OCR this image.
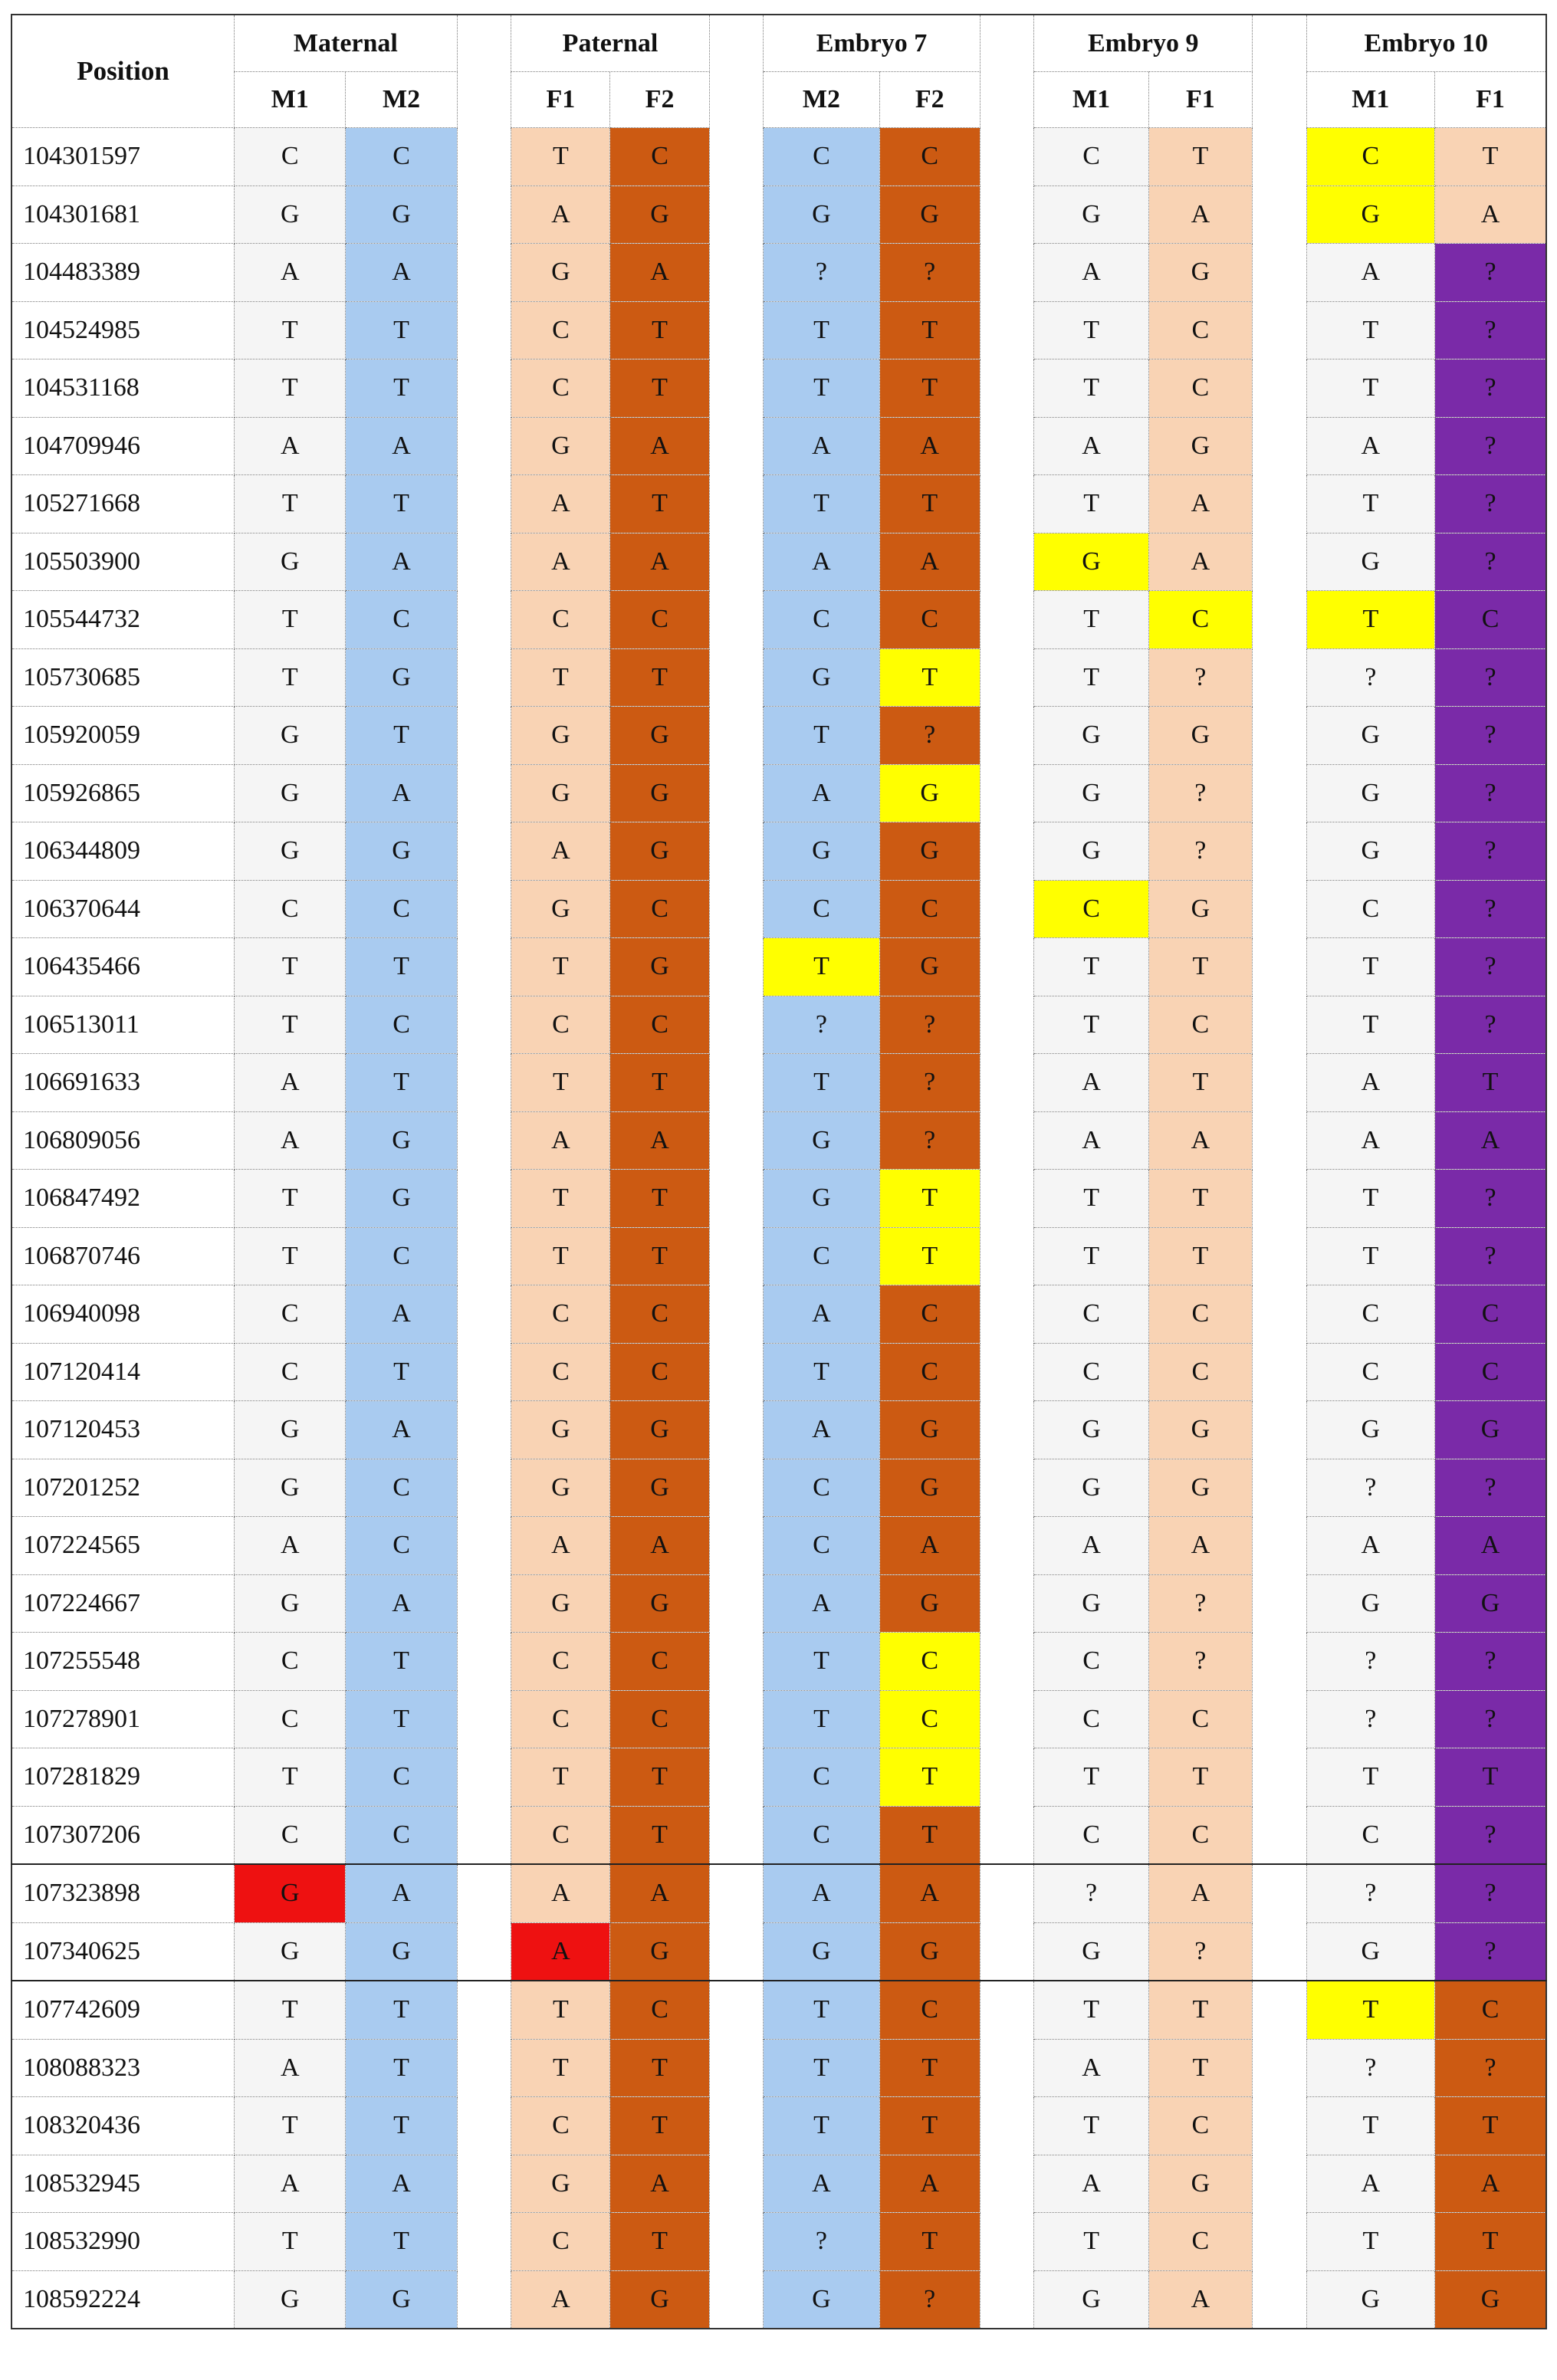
Position	Maternal			Paternal			Embryo 7			Embryo 9			Embryo 10	
	M1	M2		F1	F2		M2	F2		M1	F1		M1	F1
104301597	C	C		T	C		C	C		C	T		C	T
104301681	G	G		A	G		G	G		G	A		G	A
104483389	A	A		G	A		?	?		A	G		A	?
104524985	T	T		C	T		T	T		T	C		T	?
104531168	T	T		C	T		T	T		T	C		T	?
104709946	A	A		G	A		A	A		A	G		A	?
105271668	T	T		A	T		T	T		T	A		T	?
105503900	G	A		A	A		A	A		G	A		G	?
105544732	T	C		C	C		C	C		T	C		T	C
105730685	T	G		T	T		G	T		T	?		?	?
105920059	G	T		G	G		T	?		G	G		G	?
105926865	G	A		G	G		A	G		G	?		G	?
106344809	G	G		A	G		G	G		G	?		G	?
106370644	C	C		G	C		C	C		C	G		C	?
106435466	T	T		T	G		T	G		T	T		T	?
106513011	T	C		C	C		?	?		T	C		T	?
106691633	A	T		T	T		T	?		A	T		A	T
106809056	A	G		A	A		G	?		A	A		A	A
106847492	T	G		T	T		G	T		T	T		T	?
106870746	T	C		T	T		C	T		T	T		T	?
106940098	C	A		C	C		A	C		C	C		C	C
107120414	C	T		C	C		T	C		C	C		C	C
107120453	G	A		G	G		A	G		G	G		G	G
107201252	G	C		G	G		C	G		G	G		?	?
107224565	A	C		A	A		C	A		A	A		A	A
107224667	G	A		G	G		A	G		G	?		G	G
107255548	C	T		C	C		T	C		C	?		?	?
107278901	C	T		C	C		T	C		C	C		?	?
107281829	T	C		T	T		C	T		T	T		T	T
107307206	C	C		C	T		C	T		C	C		C	?
107323898	G	A		A	A		A	A		?	A		?	?
107340625	G	G		A	G		G	G		G	?		G	?
107742609	T	T		T	C		T	C		T	T		T	C
108088323	A	T		T	T		T	T		A	T		?	?
108320436	T	T		C	T		T	T		T	C		T	T
108532945	A	A		G	A		A	A		A	G		A	A
108532990	T	T		C	T		?	T		T	C		T	T
108592224	G	G		A	G		G	?		G	A		G	G
